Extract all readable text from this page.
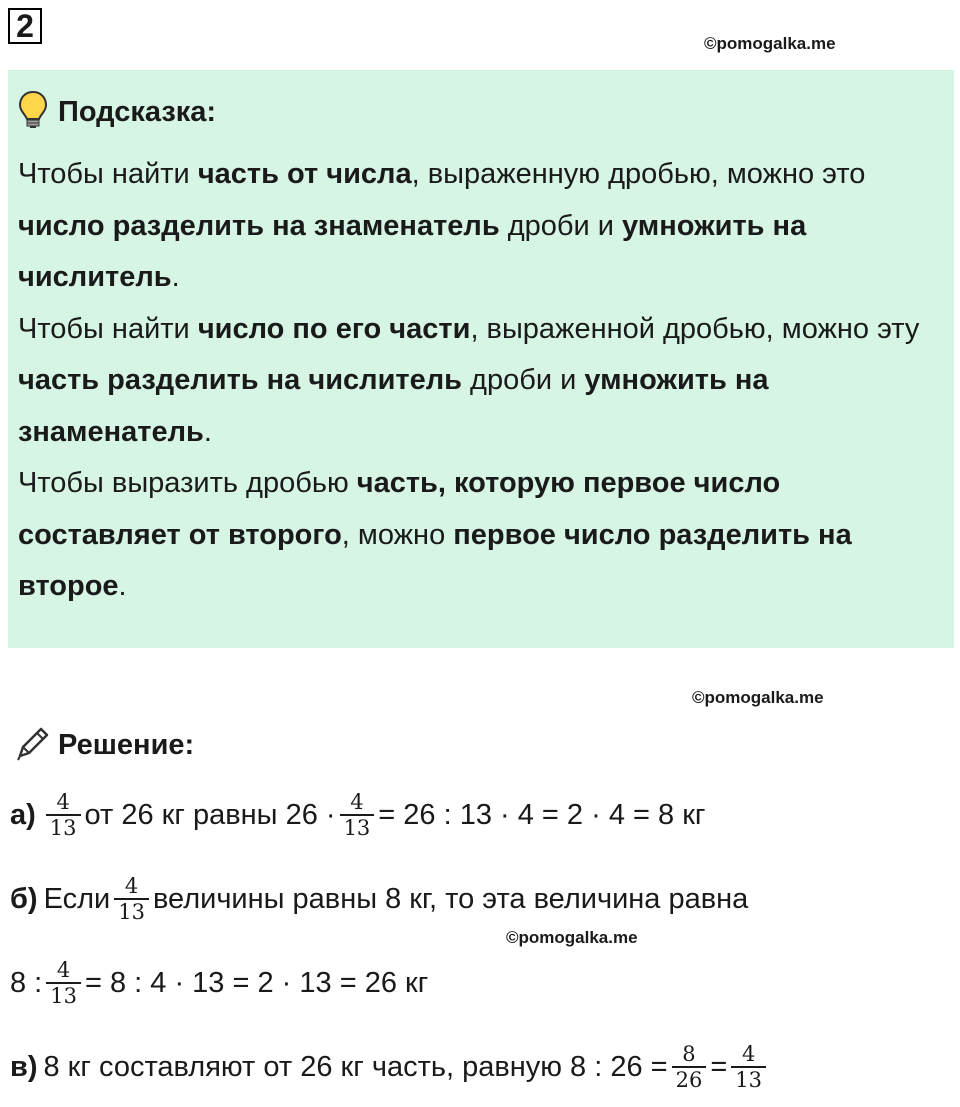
2	©pomogalka.me
Подсказка:
Чтобы найти часть от числа, выраженную дробью, можно это число разделить на знаменатель дроби и умножить на числитель.
Чтобы найти число по его части, выраженной дробью, можно эту часть разделить на числитель дроби и умножить на знаменатель.
Чтобы выразить дробью часть, которую первое число составляет от второго, можно первое число разделить на второе.
©pomogalka.me
Решение:
$а) \frac{4}{13}$ от 26 кг равны $26 \cdot \frac{4}{13} = 26$ : 13 · 4 = 2 · 4 = 8 кг
б) Если $\frac{4}{13}$ величины равны 8 кг, то эта величина равна
©pomogalka.me
8 : $\frac{4}{13} = 8$ : 4 · 13 = 2 · 13 = 26 кг
в) 8 кг составляют от 26 кг часть, равную 8 : $26 = \frac{8}{26} = \frac{4}{13}$
